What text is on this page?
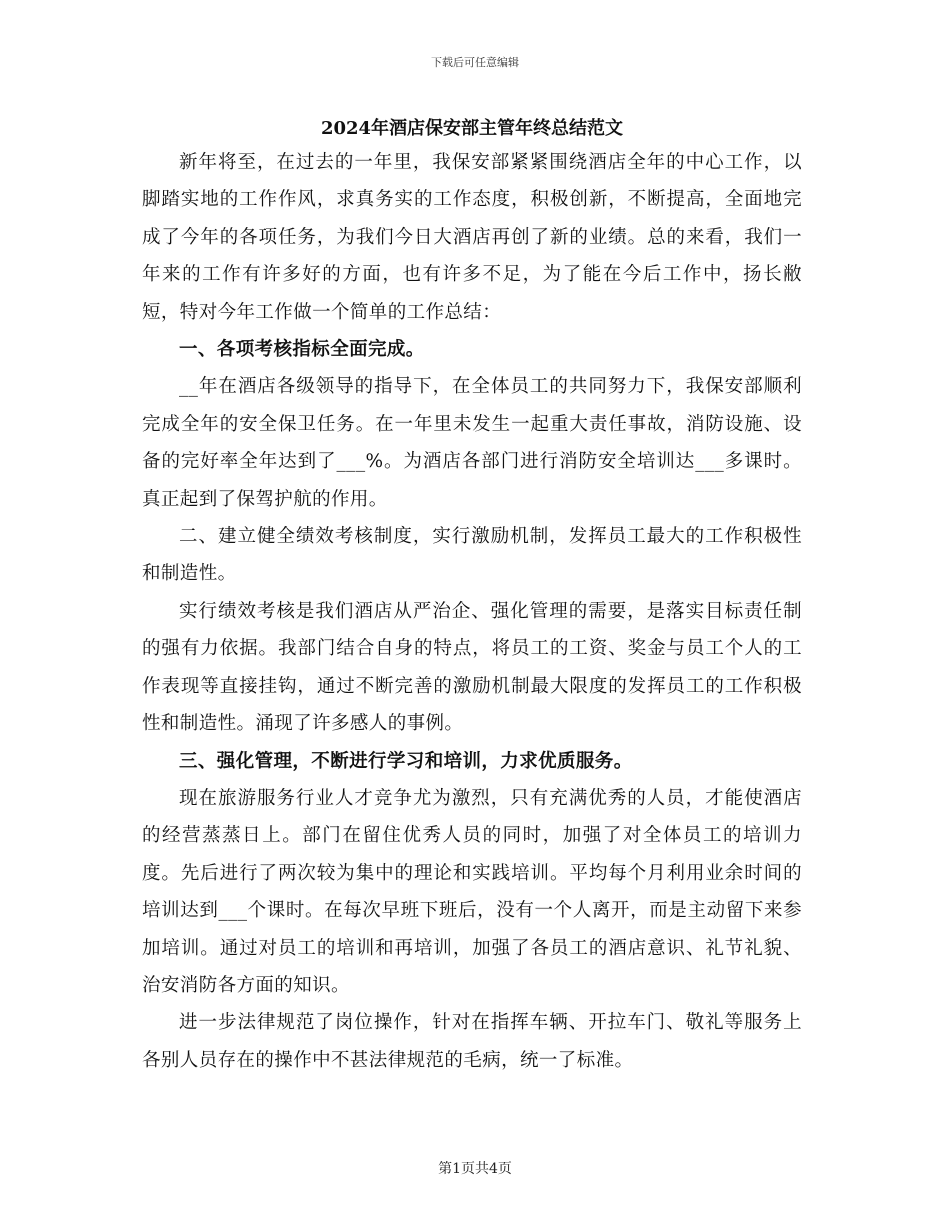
下载后可任意编辑
2024年酒店保安部主管年终总结范文

新年将至，在过去的一年里，我保安部紧紧围绕酒店全年的中心工作，以脚踏实地的工作作风，求真务实的工作态度，积极创新，不断提高，全面地完成了今年的各项任务，为我们今日大酒店再创了新的业绩。总的来看，我们一年来的工作有许多好的方面，也有许多不足，为了能在今后工作中，扬长敝短，特对今年工作做一个简单的工作总结：

一、各项考核指标全面完成。

__年在酒店各级领导的指导下，在全体员工的共同努力下，我保安部顺利完成全年的安全保卫任务。在一年里未发生一起重大责任事故，消防设施、设备的完好率全年达到了___%。为酒店各部门进行消防安全培训达___多课时。真正起到了保驾护航的作用。

二、建立健全绩效考核制度，实行激励机制，发挥员工最大的工作积极性和制造性。

实行绩效考核是我们酒店从严治企、强化管理的需要，是落实目标责任制的强有力依据。我部门结合自身的特点，将员工的工资、奖金与员工个人的工作表现等直接挂钩，通过不断完善的激励机制最大限度的发挥员工的工作积极性和制造性。涌现了许多感人的事例。

三、强化管理，不断进行学习和培训，力求优质服务。

现在旅游服务行业人才竞争尤为激烈，只有充满优秀的人员，才能使酒店的经营蒸蒸日上。部门在留住优秀人员的同时，加强了对全体员工的培训力度。先后进行了两次较为集中的理论和实践培训。平均每个月利用业余时间的培训达到___个课时。在每次早班下班后，没有一个人离开，而是主动留下来参加培训。通过对员工的培训和再培训，加强了各员工的酒店意识、礼节礼貌、治安消防各方面的知识。

进一步法律规范了岗位操作，针对在指挥车辆、开拉车门、敬礼等服务上各别人员存在的操作中不甚法律规范的毛病，统一了标准。

第1页共4页
